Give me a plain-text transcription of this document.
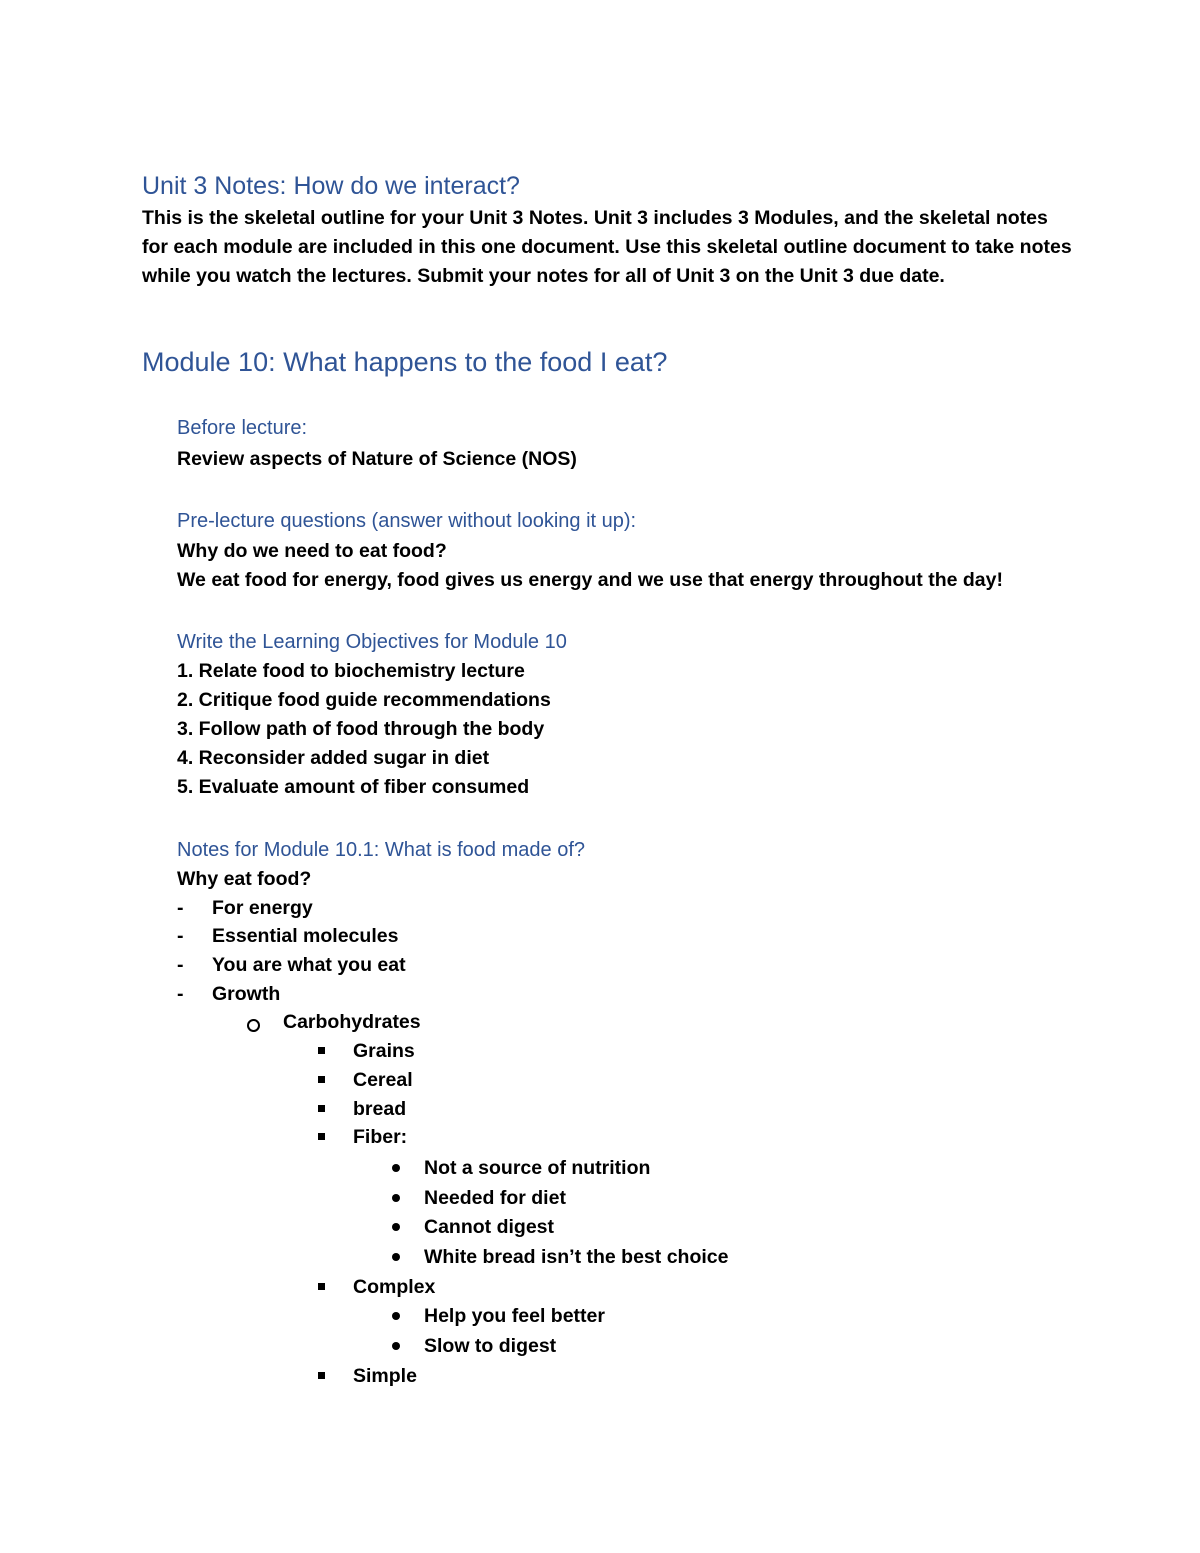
Unit 3 Notes: How do we interact?
This is the skeletal outline for your Unit 3 Notes. Unit 3 includes 3 Modules, and the skeletal notes for each module are included in this one document. Use this skeletal outline document to take notes while you watch the lectures. Submit your notes for all of Unit 3 on the Unit 3 due date.
Module 10: What happens to the food I eat?
Before lecture:
Review aspects of Nature of Science (NOS)
Pre-lecture questions (answer without looking it up):
Why do we need to eat food?
We eat food for energy, food gives us energy and we use that energy throughout the day!
Write the Learning Objectives for Module 10
1. Relate food to biochemistry lecture
2. Critique food guide recommendations
3. Follow path of food through the body
4. Reconsider added sugar in diet
5. Evaluate amount of fiber consumed
Notes for Module 10.1: What is food made of?
Why eat food?
- For energy
- Essential molecules
- You are what you eat
- Growth
Carbohydrates
Grains
Cereal
bread
Fiber:
Not a source of nutrition
Needed for diet
Cannot digest
White bread isn’t the best choice
Complex
Help you feel better
Slow to digest
Simple
